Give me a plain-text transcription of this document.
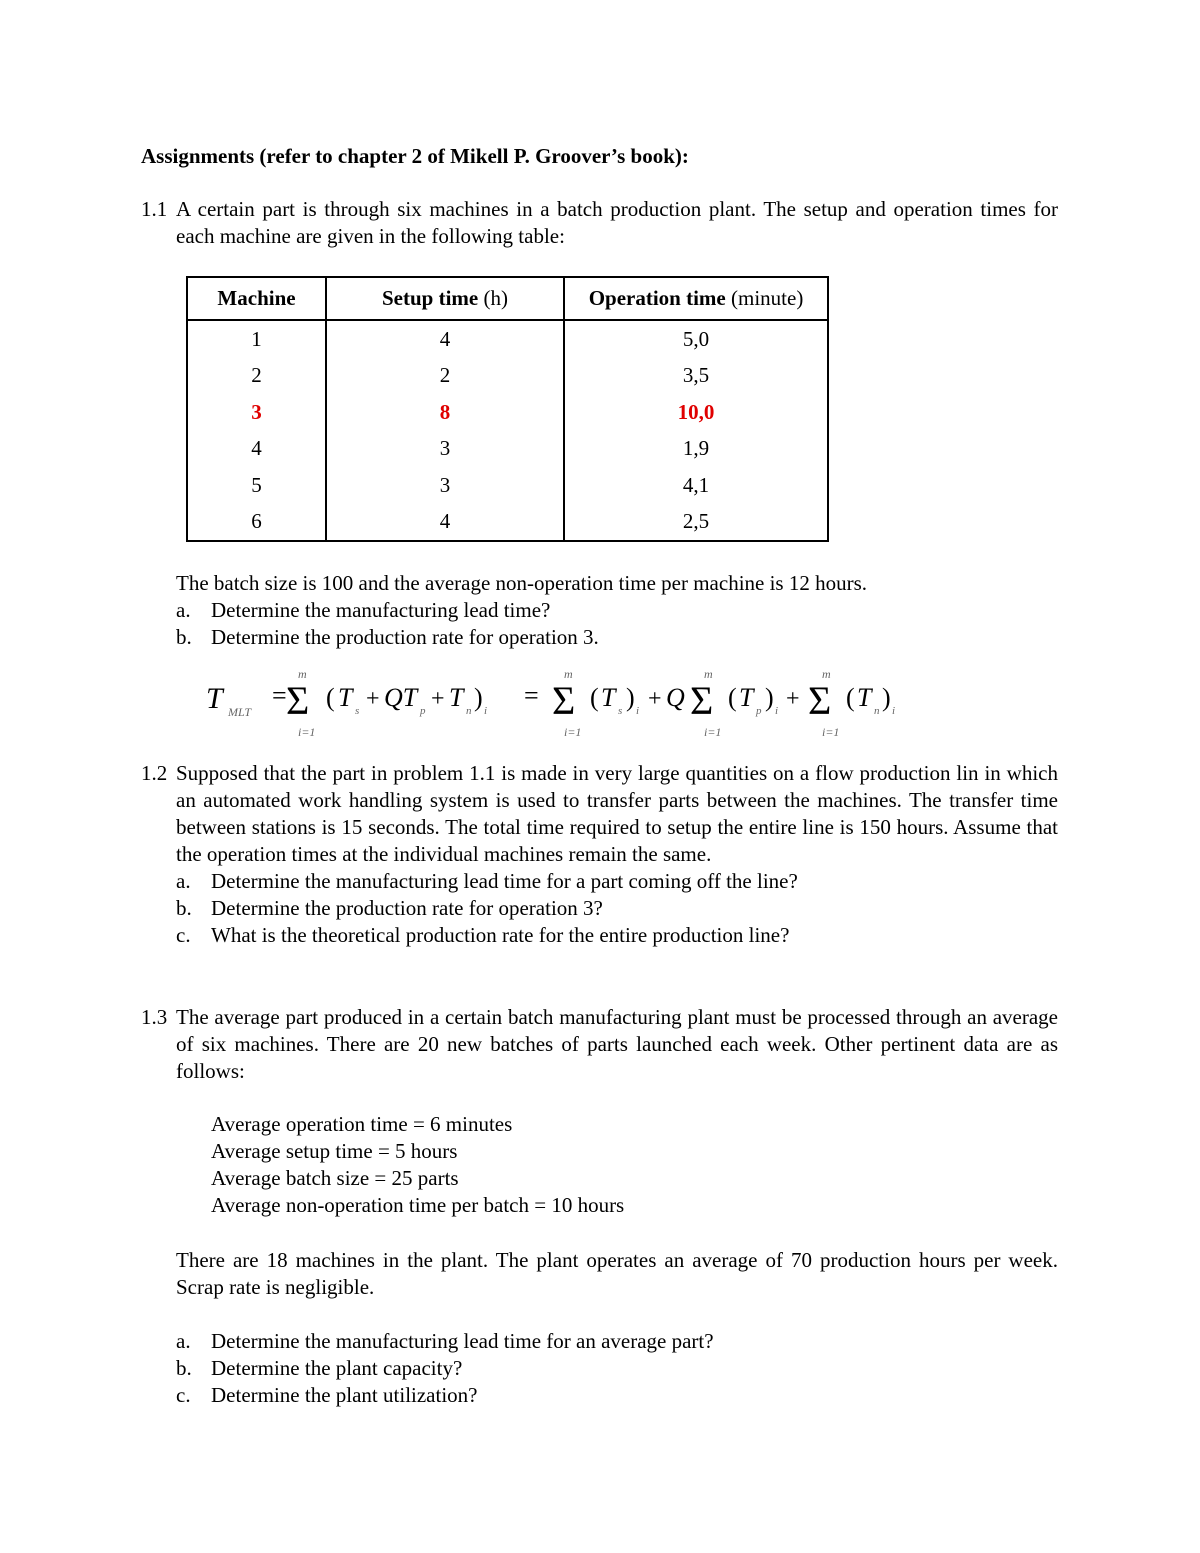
Assignments (refer to chapter 2 of Mikell P. Groover’s book):
1.1 A certain part is through six machines in a batch production plant. The setup and operation times for each machine are given in the following table:
Machine	Setup time (h)	Operation time (minute)
1	4	5,0
2	2	3,5
3	8	10,0
4	3	1,9
5	3	4,1
6	4	2,5
The batch size is 100 and the average non-operation time per machine is 12 hours.
a. Determine the manufacturing lead time?
b. Determine the production rate for operation 3.
T MLT
=
m
Σ
i=1
( T s + QT p + T n ) i
=
m
Σ
i=1
( T s ) i + Q
m
Σ
i=1
( T p ) i +
m
Σ
i=1
( T n ) i
1.2 Supposed that the part in problem 1.1 is made in very large quantities on a flow production lin in which an automated work handling system is used to transfer parts between the machines. The transfer time between stations is 15 seconds. The total time required to setup the entire line is 150 hours. Assume that the operation times at the individual machines remain the same.
a. Determine the manufacturing lead time for a part coming off the line?
b. Determine the production rate for operation 3?
c. What is the theoretical production rate for the entire production line?
1.3 The average part produced in a certain batch manufacturing plant must be processed through an average of six machines. There are 20 new batches of parts launched each week. Other pertinent data are as follows:
Average operation time = 6 minutes
Average setup time = 5 hours
Average batch size = 25 parts
Average non-operation time per batch = 10 hours
There are 18 machines in the plant. The plant operates an average of 70 production hours per week. Scrap rate is negligible.
a. Determine the manufacturing lead time for an average part?
b. Determine the plant capacity?
c. Determine the plant utilization?
